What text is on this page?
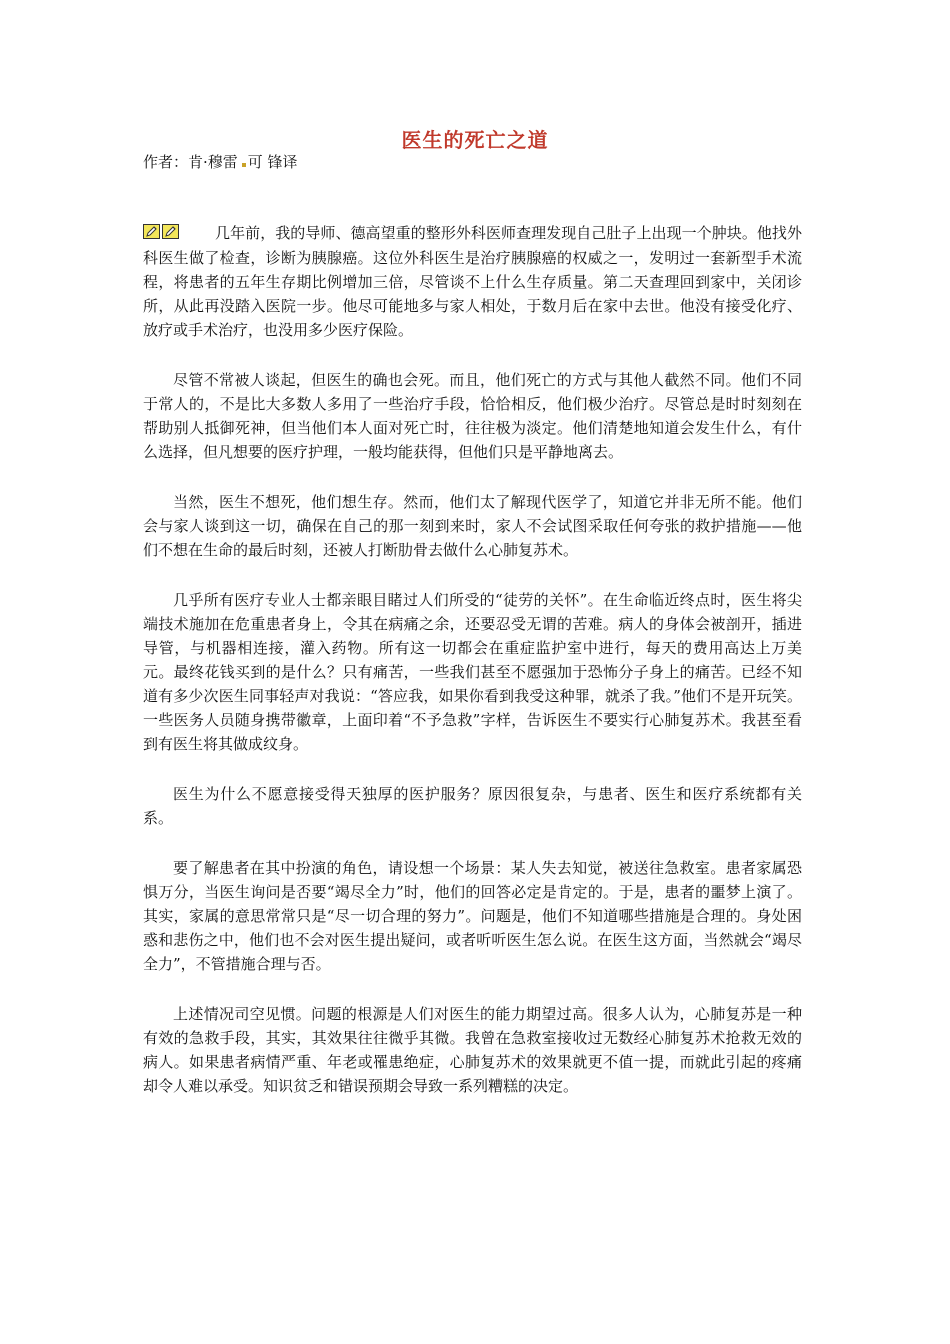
医生的死亡之道

作者：肯·穆雷 可 锋译

几年前，我的导师、德高望重的整形外科医师查理发现自己肚子上出现一个肿块。他找外科医生做了检查，诊断为胰腺癌。这位外科医生是治疗胰腺癌的权威之一，发明过一套新型手术流程，将患者的五年生存期比例增加三倍，尽管谈不上什么生存质量。第二天查理回到家中，关闭诊所，从此再没踏入医院一步。他尽可能地多与家人相处，于数月后在家中去世。他没有接受化疗、放疗或手术治疗，也没用多少医疗保险。

尽管不常被人谈起，但医生的确也会死。而且，他们死亡的方式与其他人截然不同。他们不同于常人的，不是比大多数人多用了一些治疗手段，恰恰相反，他们极少治疗。尽管总是时时刻刻在帮助别人抵御死神，但当他们本人面对死亡时，往往极为淡定。他们清楚地知道会发生什么，有什么选择，但凡想要的医疗护理，一般均能获得，但他们只是平静地离去。

当然，医生不想死，他们想生存。然而，他们太了解现代医学了，知道它并非无所不能。他们会与家人谈到这一切，确保在自己的那一刻到来时，家人不会试图采取任何夸张的救护措施——他们不想在生命的最后时刻，还被人打断肋骨去做什么心肺复苏术。

几乎所有医疗专业人士都亲眼目睹过人们所受的“徒劳的关怀”。在生命临近终点时，医生将尖端技术施加在危重患者身上，令其在病痛之余，还要忍受无谓的苦难。病人的身体会被剖开，插进导管，与机器相连接，灌入药物。所有这一切都会在重症监护室中进行，每天的费用高达上万美元。最终花钱买到的是什么？只有痛苦，一些我们甚至不愿强加于恐怖分子身上的痛苦。已经不知道有多少次医生同事轻声对我说：“答应我，如果你看到我受这种罪，就杀了我。”他们不是开玩笑。一些医务人员随身携带徽章，上面印着“不予急救”字样，告诉医生不要实行心肺复苏术。我甚至看到有医生将其做成纹身。

医生为什么不愿意接受得天独厚的医护服务？原因很复杂，与患者、医生和医疗系统都有关系。

要了解患者在其中扮演的角色，请设想一个场景：某人失去知觉，被送往急救室。患者家属恐惧万分，当医生询问是否要“竭尽全力”时，他们的回答必定是肯定的。于是，患者的噩梦上演了。其实，家属的意思常常只是“尽一切合理的努力”。问题是，他们不知道哪些措施是合理的。身处困惑和悲伤之中，他们也不会对医生提出疑问，或者听听医生怎么说。在医生这方面，当然就会“竭尽全力”，不管措施合理与否。

上述情况司空见惯。问题的根源是人们对医生的能力期望过高。很多人认为，心肺复苏是一种有效的急救手段，其实，其效果往往微乎其微。我曾在急救室接收过无数经心肺复苏术抢救无效的病人。如果患者病情严重、年老或罹患绝症，心肺复苏术的效果就更不值一提，而就此引起的疼痛却令人难以承受。知识贫乏和错误预期会导致一系列糟糕的决定。
